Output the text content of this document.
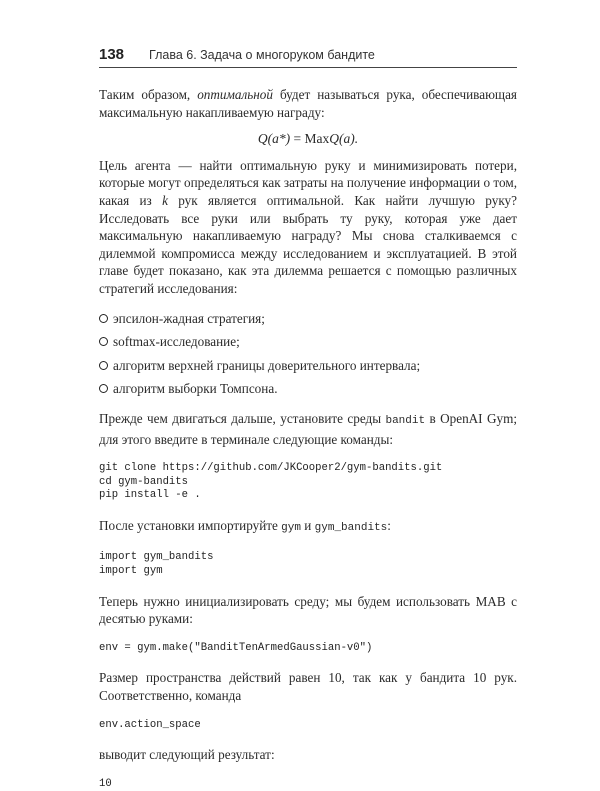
138 Глава 6. Задача о многоруком бандите

Таким образом, оптимальной будет называться рука, обеспечивающая максимальную накапливаемую награду:

Q(a*) = MaxQ(a).

Цель агента — найти оптимальную руку и минимизировать потери, которые могут определяться как затраты на получение информации о том, какая из k рук является оптимальной. Как найти лучшую руку? Исследовать все руки или выбрать ту руку, которая уже дает максимальную накапливаемую награду? Мы снова сталкиваемся с дилеммой компромисса между исследованием и эксплуатацией. В этой главе будет показано, как эта дилемма решается с помощью различных стратегий исследования:

эпсилон-жадная стратегия;
softmax-исследование;
алгоритм верхней границы доверительного интервала;
алгоритм выборки Томпсона.

Прежде чем двигаться дальше, установите среды bandit в OpenAI Gym; для этого введите в терминале следующие команды:

git clone https://github.com/JKCooper2/gym-bandits.git
cd gym-bandits
pip install -e .

После установки импортируйте gym и gym_bandits:

import gym_bandits
import gym

Теперь нужно инициализировать среду; мы будем использовать MAB с десятью руками:

env = gym.make("BanditTenArmedGaussian-v0")

Размер пространства действий равен 10, так как у бандита 10 рук. Соответственно, команда

env.action_space

выводит следующий результат:

10
